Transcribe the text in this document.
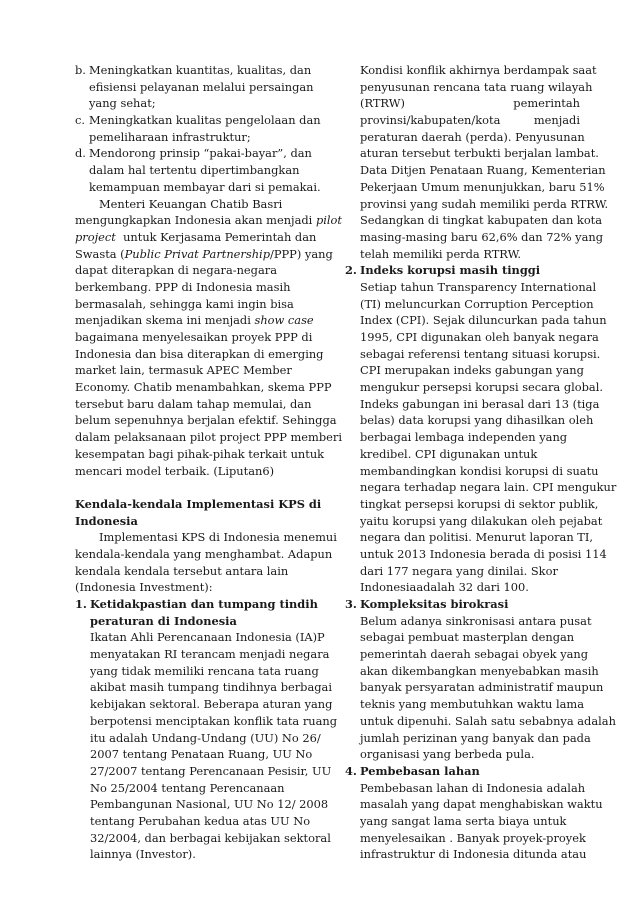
b. Meningkatkan kuantitas, kualitas, dan
efisiensi pelayanan melalui persaingan
yang sehat;
c. Meningkatkan kualitas pengelolaan dan
pemeliharaan infrastruktur;
d. Mendorong prinsip “pakai-bayar”, dan
dalam hal tertentu dipertimbangkan
kemampuan membayar dari si pemakai.
Menteri Keuangan Chatib Basri
mengungkapkan Indonesia akan menjadi pilot
project untuk Kerjasama Pemerintah dan
Swasta (Public Privat Partnership/PPP) yang
dapat diterapkan di negara-negara
berkembang. PPP di Indonesia masih
bermasalah, sehingga kami ingin bisa
menjadikan skema ini menjadi show case
bagaimana menyelesaikan proyek PPP di
Indonesia dan bisa diterapkan di emerging
market lain, termasuk APEC Member
Economy. Chatib menambahkan, skema PPP
tersebut baru dalam tahap memulai, dan
belum sepenuhnya berjalan efektif. Sehingga
dalam pelaksanaan pilot project PPP memberi
kesempatan bagi pihak-pihak terkait untuk
mencari model terbaik. (Liputan6)
Kendala-kendala Implementasi KPS di
Indonesia
Implementasi KPS di Indonesia menemui
kendala-kendala yang menghambat. Adapun
kendala kendala tersebut antara lain
(Indonesia Investment):
1. Ketidakpastian dan tumpang tindih
peraturan di Indonesia
Ikatan Ahli Perencanaan Indonesia (IA)P
menyatakan RI terancam menjadi negara
yang tidak memiliki rencana tata ruang
akibat masih tumpang tindihnya berbagai
kebijakan sektoral. Beberapa aturan yang
berpotensi menciptakan konflik tata ruang
itu adalah Undang-Undang (UU) No 26/
2007 tentang Penataan Ruang, UU No
27/2007 tentang Perencanaan Pesisir, UU
No 25/2004 tentang Perencanaan
Pembangunan Nasional, UU No 12/ 2008
tentang Perubahan kedua atas UU No
32/2004, dan berbagai kebijakan sektoral
lainnya (Investor).
Kondisi konflik akhirnya berdampak saat
penyusunan rencana tata ruang wilayah
(RTRW)	pemerintah
provinsi/kabupaten/kota	menjadi
peraturan daerah (perda). Penyusunan
aturan tersebut terbukti berjalan lambat.
Data Ditjen Penataan Ruang, Kementerian
Pekerjaan Umum menunjukkan, baru 51%
provinsi yang sudah memiliki perda RTRW.
Sedangkan di tingkat kabupaten dan kota
masing-masing baru 62,6% dan 72% yang
telah memiliki perda RTRW.
2. Indeks korupsi masih tinggi
Setiap tahun Transparency International
(TI) meluncurkan Corruption Perception
Index (CPI). Sejak diluncurkan pada tahun
1995, CPI digunakan oleh banyak negara
sebagai referensi tentang situasi korupsi.
CPI merupakan indeks gabungan yang
mengukur persepsi korupsi secara global.
Indeks gabungan ini berasal dari 13 (tiga
belas) data korupsi yang dihasilkan oleh
berbagai lembaga independen yang
kredibel. CPI digunakan untuk
membandingkan kondisi korupsi di suatu
negara terhadap negara lain. CPI mengukur
tingkat persepsi korupsi di sektor publik,
yaitu korupsi yang dilakukan oleh pejabat
negara dan politisi. Menurut laporan TI,
untuk 2013 Indonesia berada di posisi 114
dari 177 negara yang dinilai. Skor
Indonesiaadalah 32 dari 100.
3. Kompleksitas birokrasi
Belum adanya sinkronisasi antara pusat
sebagai pembuat masterplan dengan
pemerintah daerah sebagai obyek yang
akan dikembangkan menyebabkan masih
banyak persyaratan administratif maupun
teknis yang membutuhkan waktu lama
untuk dipenuhi. Salah satu sebabnya adalah
jumlah perizinan yang banyak dan pada
organisasi yang berbeda pula.
4. Pembebasan lahan
Pembebasan lahan di Indonesia adalah
masalah yang dapat menghabiskan waktu
yang sangat lama serta biaya untuk
menyelesaikan . Banyak proyek-proyek
infrastruktur di Indonesia ditunda atau
